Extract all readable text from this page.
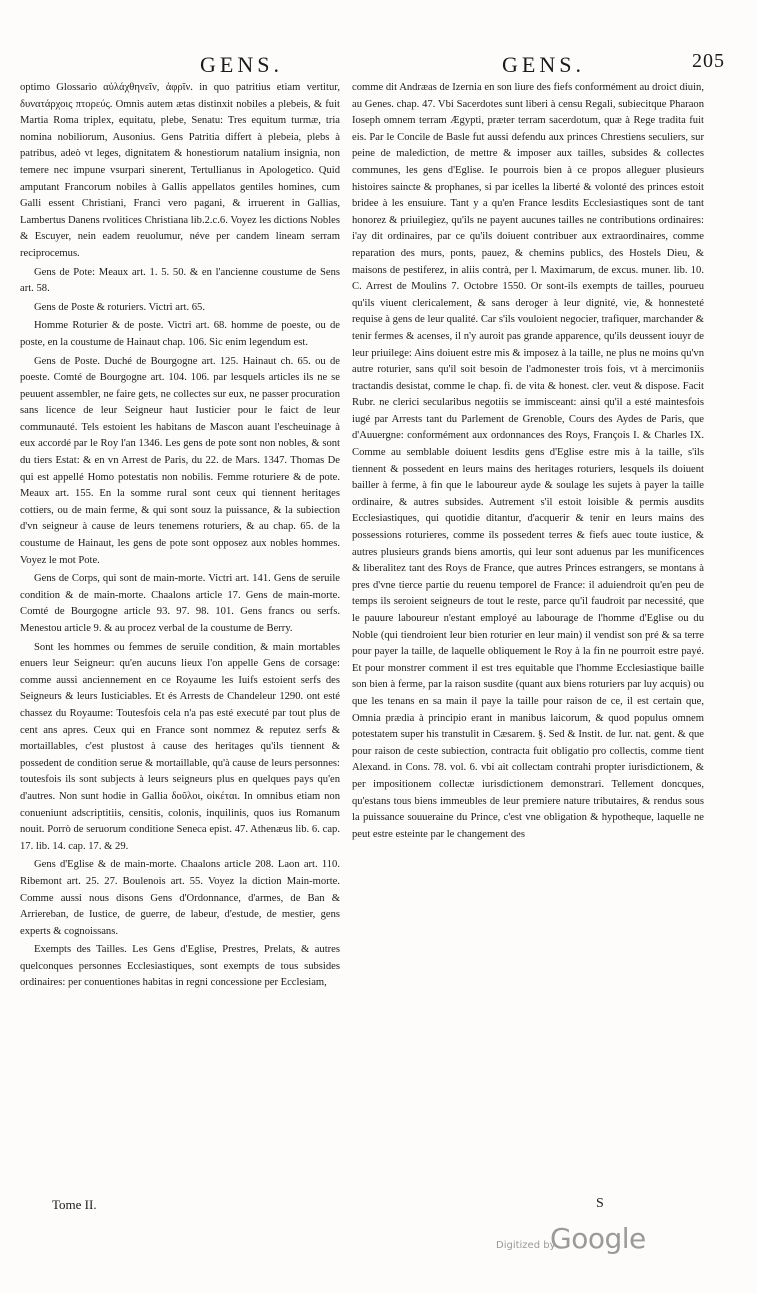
GENS.	GENS.	205

optimo Glossario αὐλάχθηνεῖν, ἀφρῖν. in quo patritius etiam vertitur, δυνατάρχοις πτορεύς. Omnis autem ætas distinxit nobiles a plebeis, & fuit Martia Roma triplex, equitatu, plebe, Senatu: Tres equitum turmæ, tria nomina nobiliorum, Ausonius. Gens Patritia differt à plebeia, plebs à patribus, adeò vt leges, dignitatem & honestiorum natalium insignia, non temere nec impune vsurpari sinerent, Tertullianus in Apologetico. Quid amputant Francorum nobiles à Gallis appellatos gentiles homines, cum Galli essent Christiani, Franci vero pagani, & irruerent in Gallias, Lambertus Danens rvolitices Christiana lib.2.c.6. Voyez les dictions Nobles & Escuyer, nein eadem reuolumur, néve per candem lineam serram reciprocemus.

Gens de Pote: Meaux art. 1. 5. 50. & en l'ancienne coustume de Sens art. 58.

Gens de Poste & roturiers. Victri art. 65.

Homme Roturier & de poste. Victri art. 68. homme de poeste, ou de poste, en la coustume de Hainaut chap. 106. Sic enim legendum est.

Gens de Poste. Duché de Bourgogne art. 125. Hainaut ch. 65. ou de poeste. Comté de Bourgogne art. 104. 106. par lesquels articles ils ne se peuuent assembler, ne faire gets, ne collectes sur eux, ne passer procuration sans licence de leur Seigneur haut Iusticier pour le faict de leur communauté. Tels estoient les habitans de Mascon auant l'escheuinage à eux accordé par le Roy l'an 1346. Les gens de pote sont non nobles, & sont du tiers Estat: & en vn Arrest de Paris, du 22. de Mars. 1347. Thomas De qui est appellé Homo potestatis non nobilis. Femme roturiere & de pote. Meaux art. 155. En la somme rural sont ceux qui tiennent heritages cottiers, ou de main ferme, & qui sont souz la puissance, & la subiection d'vn seigneur à cause de leurs tenemens roturiers, & au chap. 65. de la coustume de Hainaut, les gens de pote sont opposez aux nobles hommes. Voyez le mot Pote.

Gens de Corps, qui sont de main-morte. Victri art. 141. Gens de seruile condition & de main-morte. Chaalons article 17. Gens de main-morte. Comté de Bourgogne article 93. 97. 98. 101. Gens francs ou serfs. Menestou article 9. & au procez verbal de la coustume de Berry.

Sont les hommes ou femmes de seruile condition, & main mortables enuers leur Seigneur: qu'en aucuns lieux l'on appelle Gens de corsage: comme aussi anciennement en ce Royaume les Iuifs estoient serfs des Seigneurs & leurs Iusticiables. Et és Arrests de Chandeleur 1290. ont esté chassez du Royaume: Toutesfois cela n'a pas esté executé par tout plus de cent ans apres. Ceux qui en France sont nommez & reputez serfs & mortaillables, c'est plustost à cause des heritages qu'ils tiennent & possedent de condition serue & mortaillable, qu'à cause de leurs personnes: toutesfois ils sont subjects à leurs seigneurs plus en quelques pays qu'en d'autres. Non sunt hodie in Gallia δοῦλοι, οἰκέται. In omnibus etiam non conueniunt adscriptitiis, censitis, colonis, inquilinis, quos ius Romanum nouit. Porrò de seruorum conditione Seneca epist. 47. Athenæus lib. 6. cap. 17. lib. 14. cap. 17. & 29.

Gens d'Eglise & de main-morte. Chaalons article 208. Laon art. 110. Ribemont art. 25. 27. Boulenois art. 55. Voyez la diction Main-morte. Comme aussi nous disons Gens d'Ordonnance, d'armes, de Ban & Arriereban, de Iustice, de guerre, de labeur, d'estude, de mestier, gens experts & cognoissans.

Exempts des Tailles. Les Gens d'Eglise, Prestres, Prelats, & autres quelconques personnes Ecclesiastiques, sont exempts de tous subsides ordinaires: per conuentiones habitas in regni concessione per Ecclesiam,

comme dit Andræas de Izernia en son liure des fiefs conformément au droict diuin, au Genes. chap. 47. Vbi Sacerdotes sunt liberi à censu Regali, subiecitque Pharaon Ioseph omnem terram Ægypti, præter terram sacerdotum, quæ à Rege tradita fuit eis. Par le Concile de Basle fut aussi defendu aux princes Chrestiens seculiers, sur peine de malediction, de mettre & imposer aux tailles, subsides & collectes communes, les gens d'Eglise. Ie pourrois bien à ce propos alleguer plusieurs histoires saincte & prophanes, si par icelles la liberté & volonté des princes estoit bridee à les ensuiure. Tant y a qu'en France lesdits Ecclesiastiques sont de tant honorez & priuilegiez, qu'ils ne payent aucunes tailles ne contributions ordinaires: i'ay dit ordinaires, par ce qu'ils doiuent contribuer aux extraordinaires, comme reparation des murs, ponts, pauez, & chemins publics, des Hostels Dieu, & maisons de pestiferez, in aliis contrà, per l. Maximarum, de excus. muner. lib. 10. C. Arrest de Moulins 7. Octobre 1550. Or sont-ils exempts de tailles, pourueu qu'ils viuent clericalement, & sans deroger à leur dignité, vie, & honnesteté requise à gens de leur qualité. Car s'ils vouloient negocier, trafiquer, marchander & tenir fermes & acenses, il n'y auroit pas grande apparence, qu'ils deussent iouyr de leur priuilege: Ains doiuent estre mis & imposez à la taille, ne plus ne moins qu'vn autre roturier, sans qu'il soit besoin de l'admonester trois fois, vt à mercimoniis tractandis desistat, comme le chap. fi. de vita & honest. cler. veut & dispose. Facit Rubr. ne clerici secularibus negotiis se immisceant: ainsi qu'il a esté maintesfois iugé par Arrests tant du Parlement de Grenoble, Cours des Aydes de Paris, que d'Auuergne: conformément aux ordonnances des Roys, François I. & Charles IX. Comme au semblable doiuent lesdits gens d'Eglise estre mis à la taille, s'ils tiennent & possedent en leurs mains des heritages roturiers, lesquels ils doiuent bailler à ferme, à fin que le laboureur ayde & soulage les sujets à payer la taille ordinaire, & autres subsides. Autrement s'il estoit loisible & permis ausdits Ecclesiastiques, qui quotidie ditantur, d'acquerir & tenir en leurs mains des possessions roturieres, comme ils possedent terres & fiefs auec toute iustice, & autres plusieurs grands biens amortis, qui leur sont aduenus par les munificences & liberalitez tant des Roys de France, que autres Princes estrangers, se montans à pres d'vne tierce partie du reuenu temporel de France: il aduiendroit qu'en peu de temps ils seroient seigneurs de tout le reste, parce qu'il faudroit par necessité, que le pauure laboureur n'estant employé au labourage de l'homme d'Eglise ou du Noble (qui tiendroient leur bien roturier en leur main) il vendist son pré & sa terre pour payer la taille, de laquelle obliquement le Roy à la fin ne pourroit estre payé. Et pour monstrer comment il est tres equitable que l'homme Ecclesiastique baille son bien à ferme, par la raison susdite (quant aux biens roturiers par luy acquis) ou que les tenans en sa main il paye la taille pour raison de ce, il est certain que, Omnia prædia à principio erant in manibus laicorum, & quod populus omnem potestatem super his transtulit in Cæsarem. §. Sed & Instit. de Iur. nat. gent. & que pour raison de ceste subiection, contracta fuit obligatio pro collectis, comme tient Alexand. in Cons. 78. vol. 6. vbi ait collectam contrahi propter iurisdictionem, & per impositionem collectæ iurisdictionem demonstrari. Tellement doncques, qu'estans tous biens immeubles de leur premiere nature tributaires, & rendus sous la puissance souueraine du Prince, c'est vne obligation & hypotheque, laquelle ne peut estre esteinte par le changement des

Tome II.	S
Digitized by
Google
